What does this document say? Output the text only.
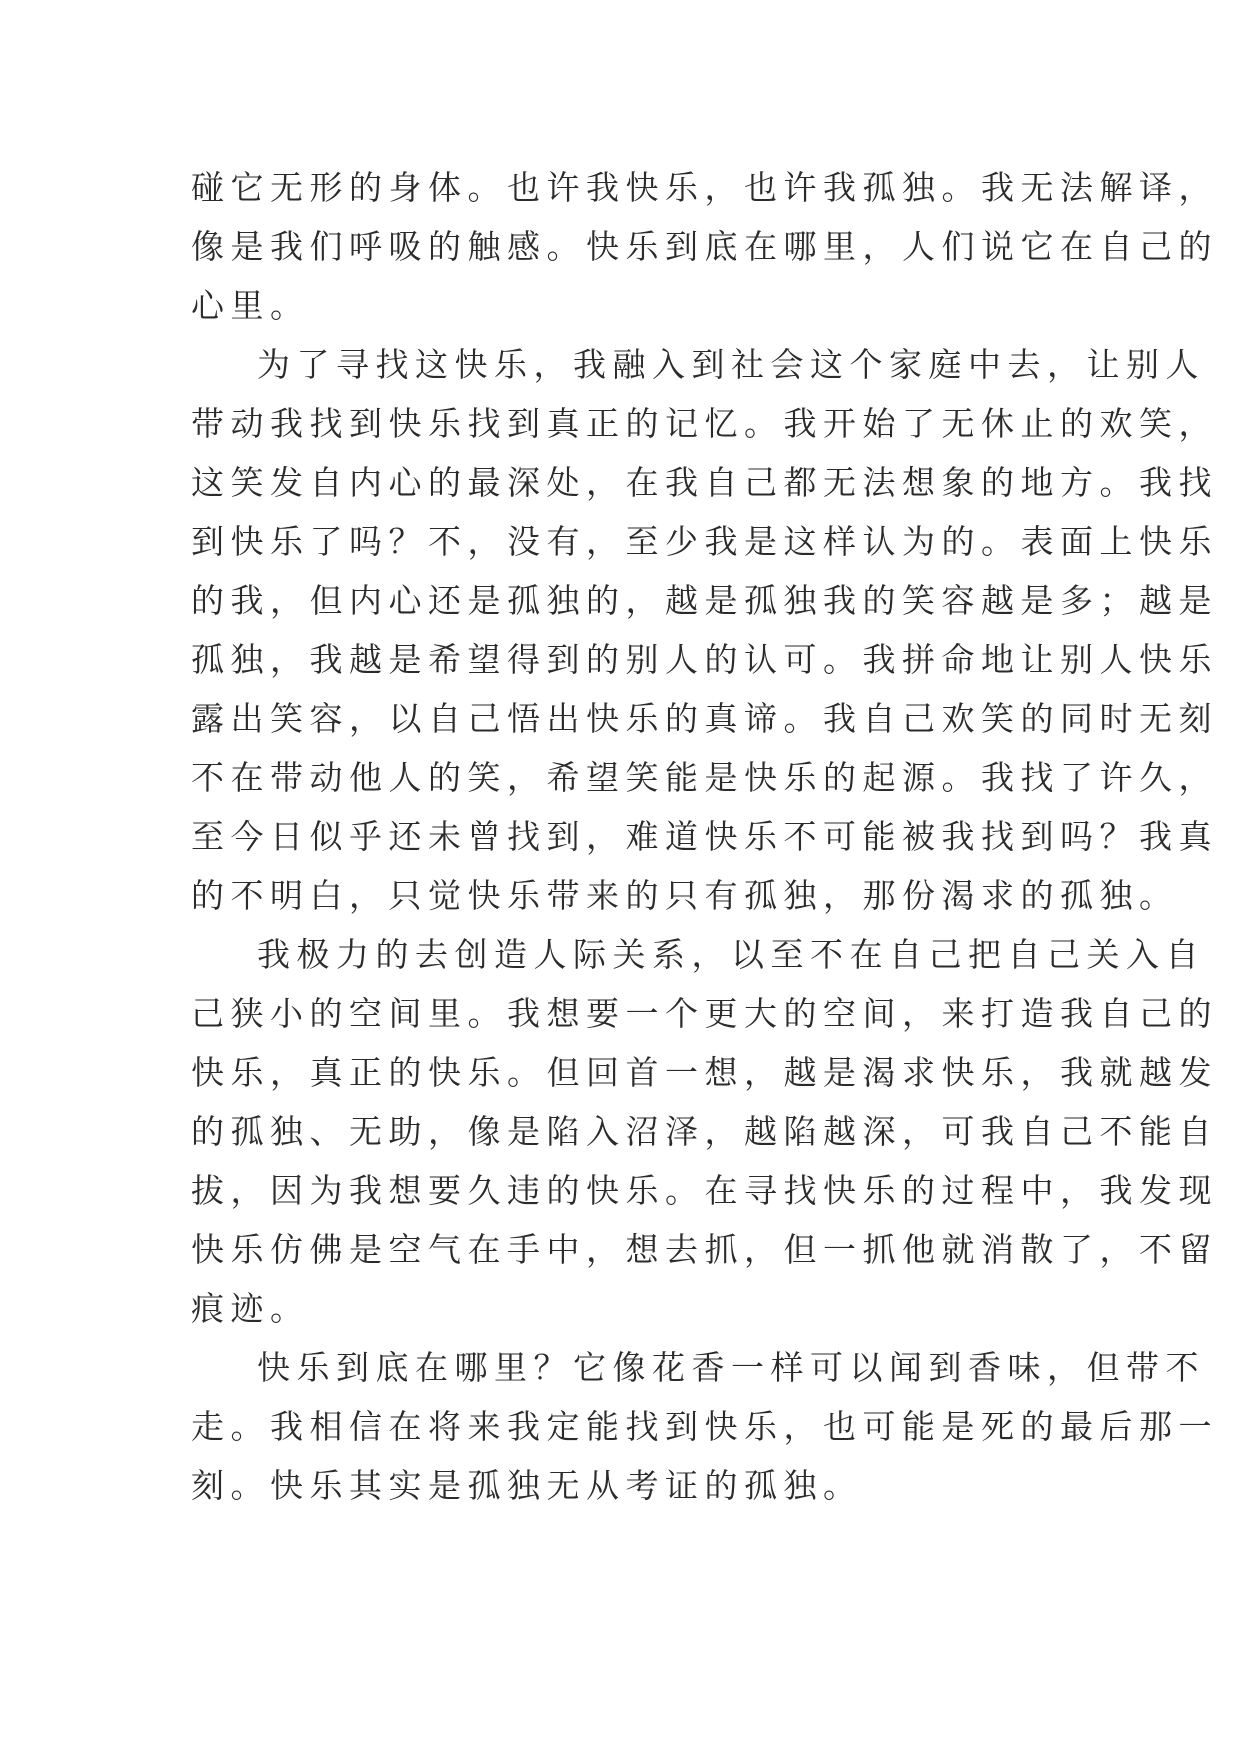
碰它无形的身体。也许我快乐，也许我孤独。我无法解译，
像是我们呼吸的触感。快乐到底在哪里，人们说它在自己的
心里。
为了寻找这快乐，我融入到社会这个家庭中去，让别人
带动我找到快乐找到真正的记忆。我开始了无休止的欢笑，
这笑发自内心的最深处，在我自己都无法想象的地方。我找
到快乐了吗？不，没有，至少我是这样认为的。表面上快乐
的我，但内心还是孤独的，越是孤独我的笑容越是多；越是
孤独，我越是希望得到的别人的认可。我拼命地让别人快乐
露出笑容，以自己悟出快乐的真谛。我自己欢笑的同时无刻
不在带动他人的笑，希望笑能是快乐的起源。我找了许久，
至今日似乎还未曾找到，难道快乐不可能被我找到吗？我真
的不明白，只觉快乐带来的只有孤独，那份渴求的孤独。
我极力的去创造人际关系，以至不在自己把自己关入自
己狭小的空间里。我想要一个更大的空间，来打造我自己的
快乐，真正的快乐。但回首一想，越是渴求快乐，我就越发
的孤独、无助，像是陷入沼泽，越陷越深，可我自己不能自
拔，因为我想要久违的快乐。在寻找快乐的过程中，我发现
快乐仿佛是空气在手中，想去抓，但一抓他就消散了，不留
痕迹。
快乐到底在哪里？它像花香一样可以闻到香味，但带不
走。我相信在将来我定能找到快乐，也可能是死的最后那一
刻。快乐其实是孤独无从考证的孤独。
